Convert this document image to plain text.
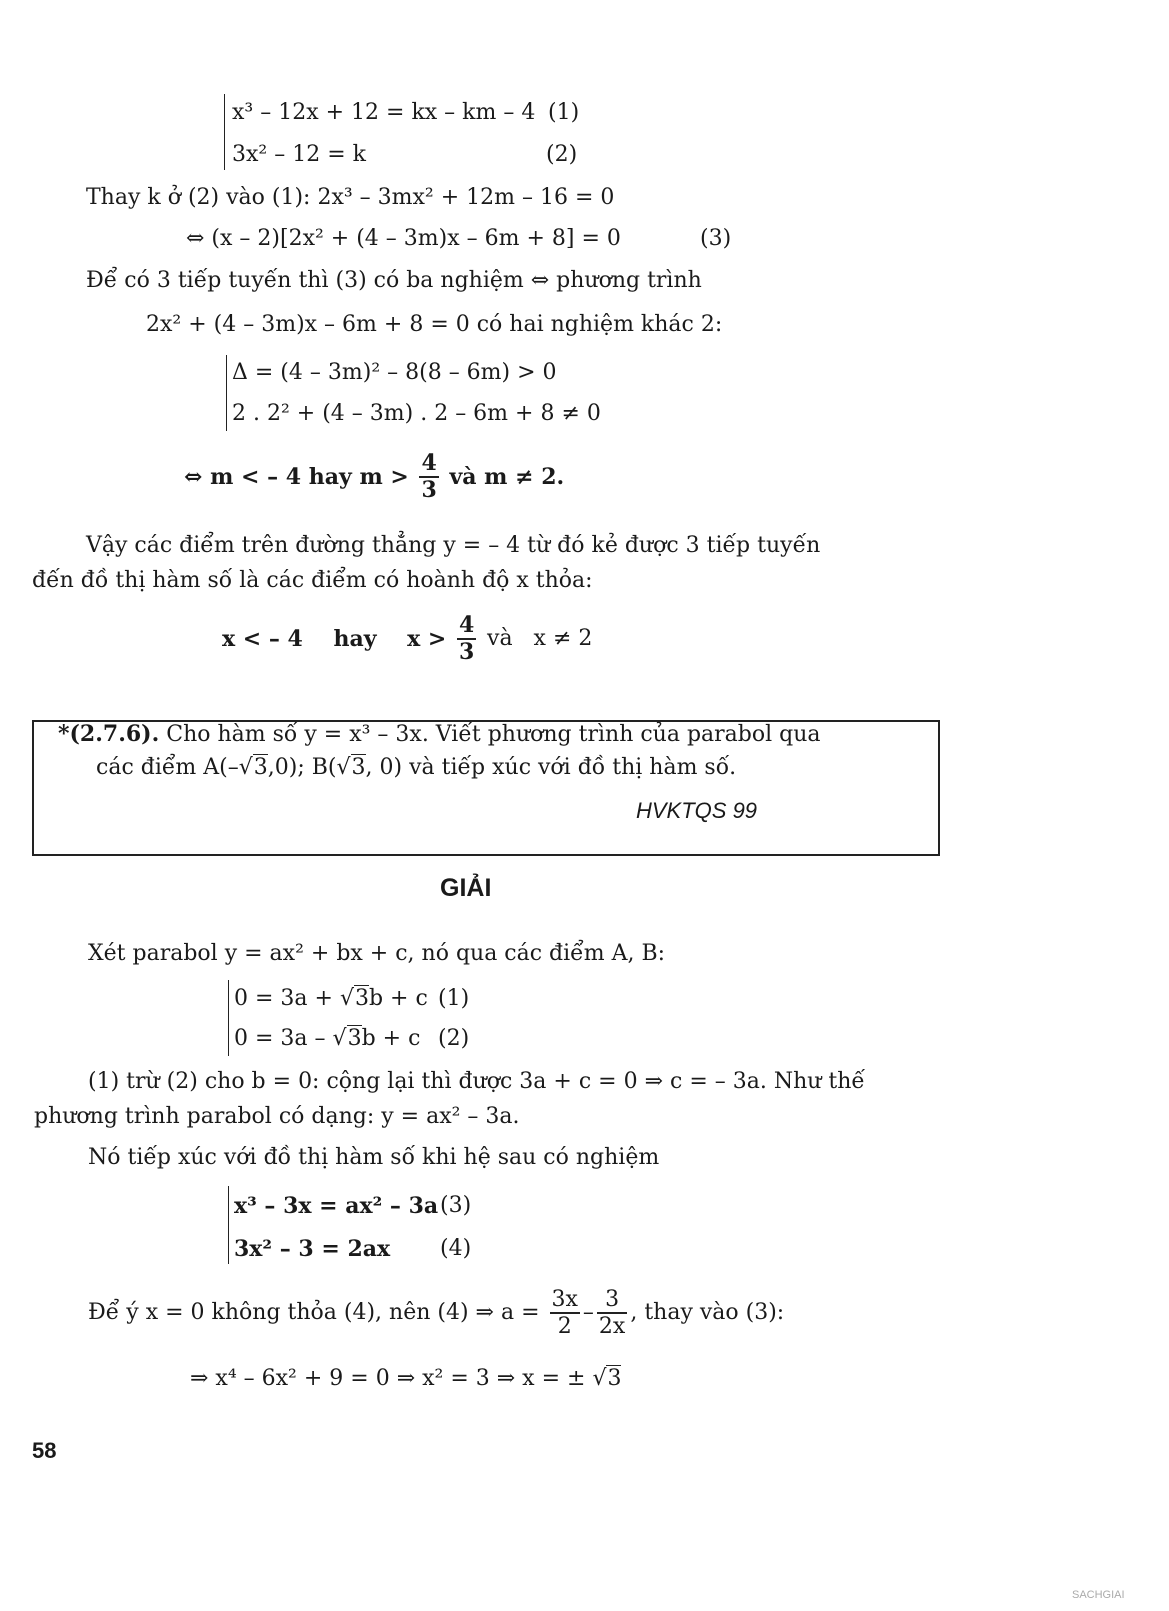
x³ – 12x + 12 = kx – km – 4 (1)
3x² – 12 = k	(2)
Thay k ở (2) vào (1): 2x³ – 3mx² + 12m – 16 = 0
⇔ (x – 2)[2x² + (4 – 3m)x – 6m + 8] = 0	(3)
Để có 3 tiếp tuyến thì (3) có ba nghiệm ⇔ phương trình
2x² + (4 – 3m)x – 6m + 8 = 0 có hai nghiệm khác 2:
Δ = (4 – 3m)² – 8(8 – 6m) > 0
2 . 2² + (4 – 3m) . 2 – 6m + 8 ≠ 0
⇔ m < – 4 hay $m > \frac{4}{3}$ và m ≠ 2.
Vậy các điểm trên đường thẳng y = – 4 từ đó kẻ được 3 tiếp tuyến
đến đồ thị hàm số là các điểm có hoành độ x thỏa:
x < – 4    hay    $x > \frac{4}{3}$ và   x ≠ 2
*(2.7.6). Cho hàm số y = x³ – 3x. Viết phương trình của parabol qua
các điểm A(–√3,0); B(√3, 0) và tiếp xúc với đồ thị hàm số.
HVKTQS 99
GIẢI
Xét parabol y = ax² + bx + c, nó qua các điểm A, B:
0 = 3a + √3b + c (1)
0 = 3a – √3b + c (2)
(1) trừ (2) cho b = 0: cộng lại thì được 3a + c = 0 ⇒ c = – 3a. Như thế
phương trình parabol có dạng: y = ax² – 3a.
Nó tiếp xúc với đồ thị hàm số khi hệ sau có nghiệm
x³ – 3x = ax² – 3a (3)
3x² – 3 = 2ax (4)
Để ý x = 0 không thỏa (4), nên (4) ⇒ $a = \frac{3x}{2} - \frac{3}{2x}$ , thay vào (3):
⇒ x⁴ – 6x² + 9 = 0 ⇒ x² = 3 ⇒ x = ± √3
58
SACHGIAI
